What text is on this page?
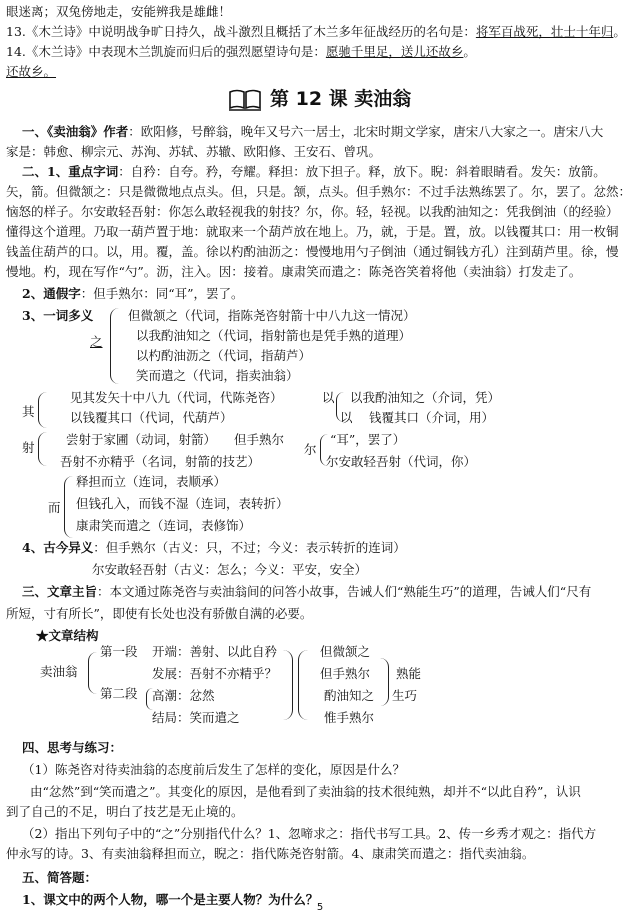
眼迷离；双兔傍地走，安能辨我是雄雌！
13.《木兰诗》中说明战争旷日持久，战斗激烈且概括了木兰多年征战经历的名句是：将军百战死，壮士十年归。
14.《木兰诗》中表现木兰凯旋而归后的强烈愿望诗句是：愿驰千里足，送儿还故乡。
还故乡。
第 12 课 卖油翁
一、《卖油翁》作者：欧阳修，号醉翁，晚年又号六一居士，北宋时期文学家，唐宋八大家之一。唐宋八大
家是：韩愈、柳宗元、苏洵、苏轼、苏辙、欧阳修、王安石、曾巩。
二、1、重点字词：自矜：自夸。矜，夸耀。释担：放下担子。释，放下。睨：斜着眼睛看。发矢：放箭。
矢，箭。但微颔之：只是微微地点点头。但，只是。颔，点头。但手熟尔：不过手法熟练罢了。尔，罢了。忿然：
恼怒的样子。尔安敢轻吾射：你怎么敢轻视我的射技？尔，你。轻，轻视。以我酌油知之：凭我倒油（的经验）
懂得这个道理。乃取一葫芦置于地：就取来一个葫芦放在地上。乃，就，于是。置，放。以钱覆其口：用一枚铜
钱盖住葫芦的口。以，用。覆，盖。徐以杓酌油沥之：慢慢地用勺子倒油（通过铜钱方孔）注到葫芦里。徐，慢
慢地。杓，现在写作“勺”。沥，注入。因：接着。康肃笑而遣之：陈尧咨笑着将他（卖油翁）打发走了。
2、通假字：但手熟尔：同“耳”，罢了。
3、一词多义
之
但微颔之（代词，指陈尧咨射箭十中八九这一情况）
以我酌油知之（代词，指射箭也是凭手熟的道理）
以杓酌油沥之（代词，指葫芦）
笑而遣之（代词，指卖油翁）
其
见其发矢十中八九（代词，代陈尧咨）
以钱覆其口（代词，代葫芦）
以 以我酌油知之（介词，凭）
以　 钱覆其口（介词，用）
射
尝射于家圃（动词，射箭）
吾射不亦精乎（名词，射箭的技艺）
但手熟尔
尔
“耳”，罢了）
尔安敢轻吾射（代词，你）
而
释担而立（连词，表顺承）
但钱孔入，而钱不湿（连词，表转折）
康肃笑而遣之（连词，表修饰）
4、古今异义：但手熟尔（古义：只，不过；今义：表示转折的连词）
尔安敢轻吾射（古义：怎么；今义：平安，安全）
三、文章主旨：本文通过陈尧咨与卖油翁间的问答小故事，告诫人们“熟能生巧”的道理，告诫人们“尺有
所短，寸有所长”，即使有长处也没有骄傲自满的必要。
★文章结构
卖油翁
第一段
第二段
开端：善射、以此自矜
发展：吾射不亦精乎？
高潮：忿然
结局：笑而遣之
但微颔之
但手熟尔
酌油知之
惟手熟尔
熟能
生巧
四、思考与练习：
（1）陈尧咨对待卖油翁的态度前后发生了怎样的变化，原因是什么？
由“忿然”到“笑而遣之”。其变化的原因，是他看到了卖油翁的技术很纯熟，却并不“以此自矜”，认识
到了自己的不足，明白了技艺是无止境的。
（2）指出下列句子中的“之”分别指代什么？1、忽啼求之：指代书写工具。2、传一乡秀才观之：指代方
仲永写的诗。3、有卖油翁释担而立，睨之：指代陈尧咨射箭。4、康肃笑而遣之：指代卖油翁。
五、简答题：
1、课文中的两个人物，哪一个是主要人物？为什么？
5
